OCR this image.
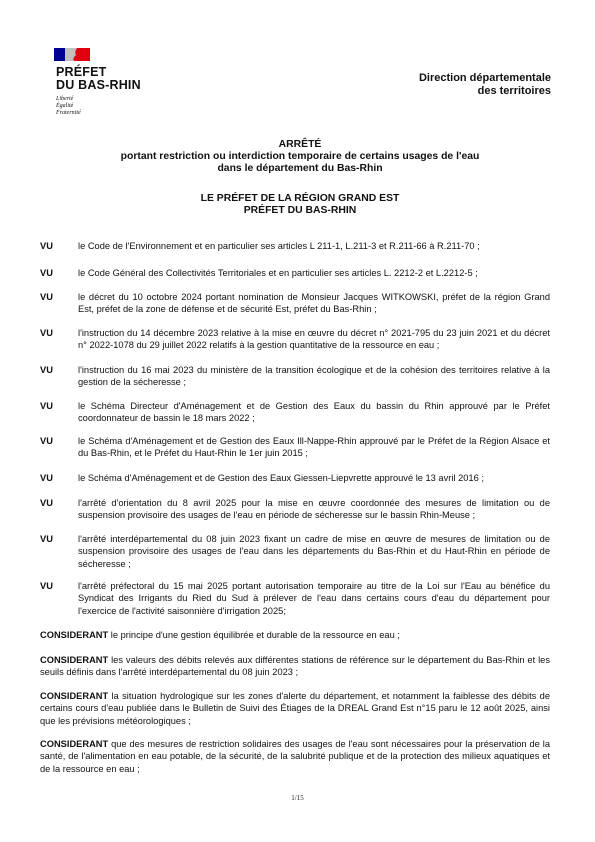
PRÉFET
DU BAS-RHIN
Liberté
Égalité
Fraternité
Direction départementale
des territoires
ARRÊTÉ
portant restriction ou interdiction temporaire de certains usages de l'eau
dans le département du Bas-Rhin
LE PRÉFET DE LA RÉGION GRAND EST
PRÉFET DU BAS-RHIN
VU	le Code de l'Environnement et en particulier ses articles L 211-1, L.211-3 et R.211-66 à R.211-70 ;
VU	le Code Général des Collectivités Territoriales et en particulier ses articles L. 2212-2 et L.2212-5 ;
VU	le décret du 10 octobre 2024 portant nomination de Monsieur Jacques WITKOWSKI, préfet de la région Grand Est, préfet de la zone de défense et de sécurité Est, préfet du Bas-Rhin ;
VU	l'instruction du 14 décembre 2023 relative à la mise en œuvre du décret n° 2021-795 du 23 juin 2021 et du décret n° 2022-1078 du 29 juillet 2022 relatifs à la gestion quantitative de la ressource en eau ;
VU	l'instruction du 16 mai 2023 du ministère de la transition écologique et de la cohésion des territoires relative à la gestion de la sécheresse ;
VU	le Schéma Directeur d'Aménagement et de Gestion des Eaux du bassin du Rhin approuvé par le Préfet coordonnateur de bassin le 18 mars 2022 ;
VU	le Schéma d'Aménagement et de Gestion des Eaux Ill-Nappe-Rhin approuvé par le Préfet de la Région Alsace et du Bas-Rhin, et le Préfet du Haut-Rhin le 1er juin 2015 ;
VU	le Schéma d'Aménagement et de Gestion des Eaux Giessen-Liepvrette approuvé le 13 avril 2016 ;
VU	l'arrêté d'orientation du 8 avril 2025 pour la mise en œuvre coordonnée des mesures de limitation ou de suspension provisoire des usages de l'eau en période de sécheresse sur le bassin Rhin-Meuse ;
VU	l'arrêté interdépartemental du 08 juin 2023 fixant un cadre de mise en œuvre de mesures de limitation ou de suspension provisoire des usages de l'eau dans les départements du Bas-Rhin et du Haut-Rhin en période de sécheresse ;
VU	l'arrêté préfectoral du 15 mai 2025 portant autorisation temporaire au titre de la Loi sur l'Eau au bénéfice du Syndicat des Irrigants du Ried du Sud à prélever de l'eau dans certains cours d'eau du département pour l'exercice de l'activité saisonnière d'irrigation 2025;
CONSIDERANT le principe d'une gestion équilibrée et durable de la ressource en eau ;
CONSIDERANT les valeurs des débits relevés aux différentes stations de référence sur le département du Bas-Rhin et les seuils définis dans l'arrêté interdépartemental du 08 juin 2023 ;
CONSIDERANT la situation hydrologique sur les zones d'alerte du département, et notamment la faiblesse des débits de certains cours d'eau publiée dans le Bulletin de Suivi des Étiages de la DREAL Grand Est n°15 paru le 12 août 2025, ainsi que les prévisions météorologiques ;
CONSIDERANT que des mesures de restriction solidaires des usages de l'eau sont nécessaires pour la préservation de la santé, de l'alimentation en eau potable, de la sécurité, de la salubrité publique et de la protection des milieux aquatiques et de la ressource en eau ;
1/15
